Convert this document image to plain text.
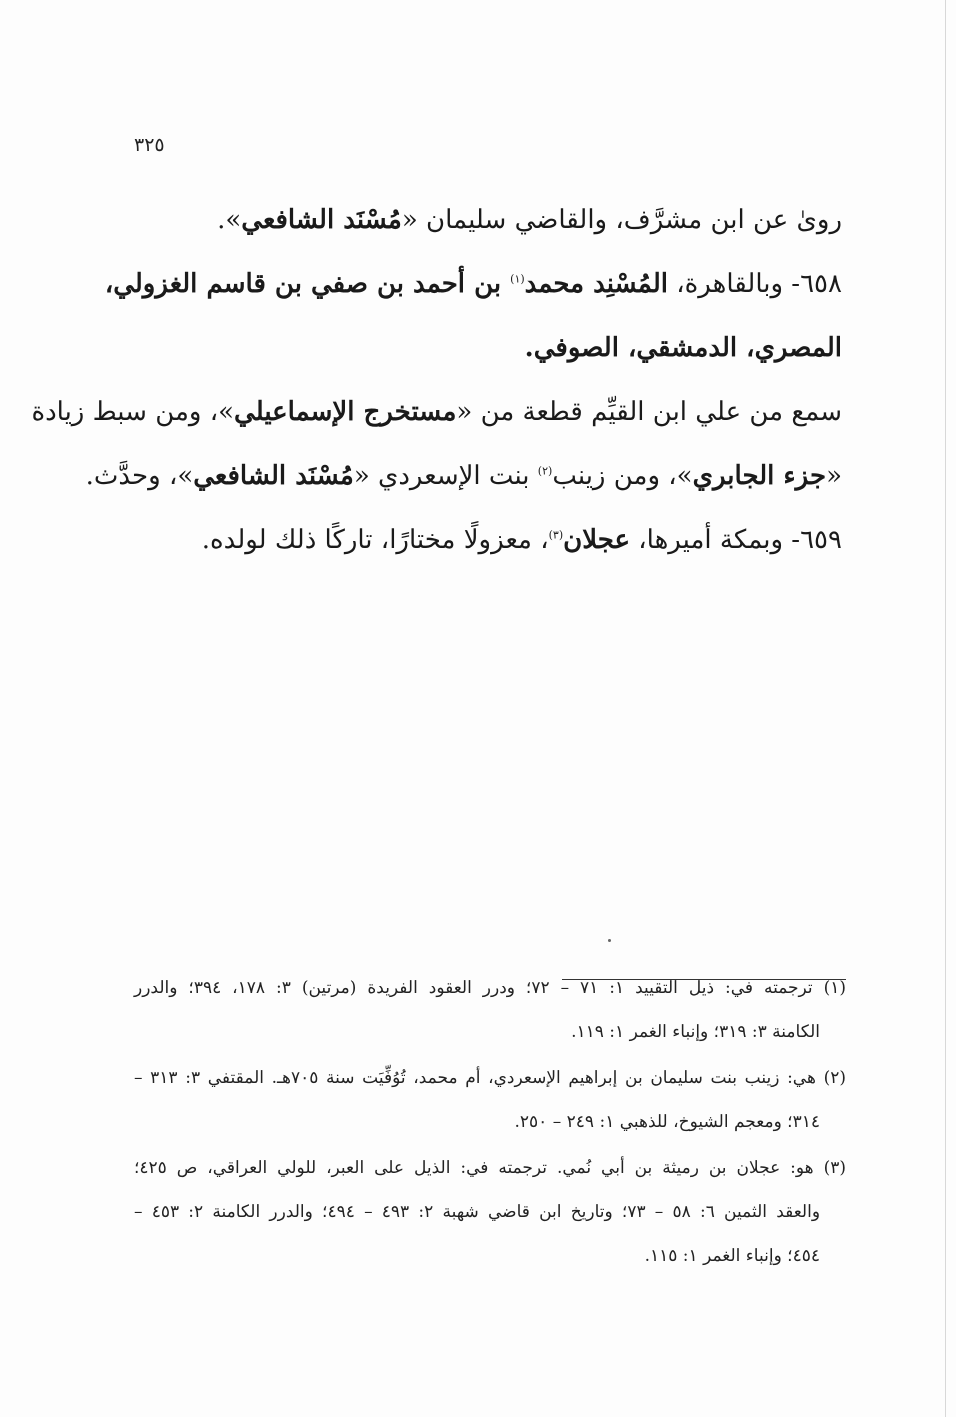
٣٢٥
رویٰ عن ابن مشرَّف، والقاضي سليمان «مُسْنَد الشافعي».
٦٥٨- وبالقاهرة، المُسْنِد محمد$^{(١)}$ بن أحمد بن صفي بن قاسم الغزولي،
المصري، الدمشقي، الصوفي.
سمع من علي ابن القيِّم قطعة من «مستخرج الإسماعيلي»، ومن سبط زيادة
«جزء الجابري»، ومن زينب$^{(٢)}$ بنت الإسعردي «مُسْنَد الشافعي»، وحدَّث.
٦٥٩- وبمكة أميرها، عجلان$^{(٣)}$، معزولًا مختارًا، تاركًا ذلك لولده.
(١) ترجمته في: ذيل التقييد ١: ٧١ – ٧٢؛ ودرر العقود الفريدة (مرتين) ٣: ١٧٨، ٣٩٤؛ والدرر
الكامنة ٣: ٣١٩؛ وإنباء الغمر ١: ١١٩.
(٢) هي: زينب بنت سليمان بن إبراهيم الإسعردي، أم محمد، تُوُفِّيَت سنة ٧٠٥هـ. المقتفي ٣: ٣١٣ –
٣١٤؛ ومعجم الشيوخ، للذهبي ١: ٢٤٩ – ٢٥٠.
(٣) هو: عجلان بن رميثة بن أبي نُمي. ترجمته في: الذيل على العبر، للولي العراقي، ص ٤٢٥؛
والعقد الثمين ٦: ٥٨ – ٧٣؛ وتاريخ ابن قاضي شهبة ٢: ٤٩٣ – ٤٩٤؛ والدرر الكامنة ٢: ٤٥٣ –
٤٥٤؛ وإنباء الغمر ١: ١١٥.
